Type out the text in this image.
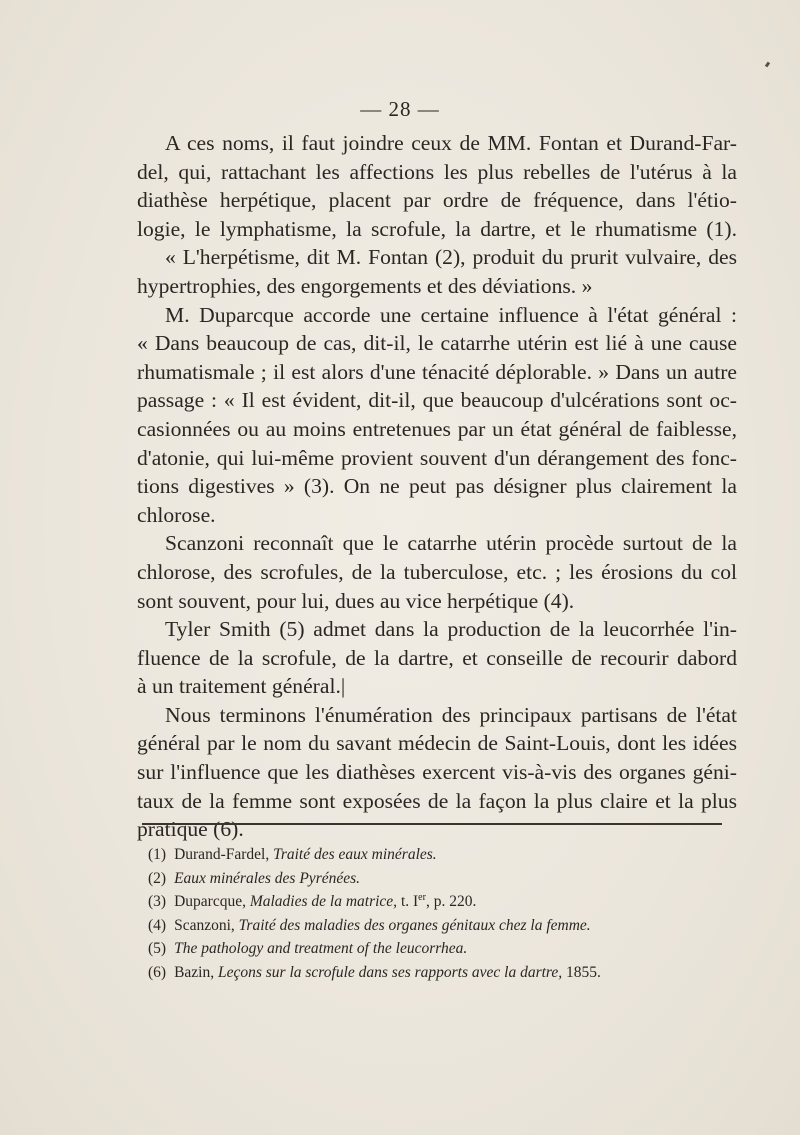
— 28 —
A ces noms, il faut joindre ceux de MM. Fontan et Durand-Far-
del, qui, rattachant les affections les plus rebelles de l'utérus à la
diathèse herpétique, placent par ordre de fréquence, dans l'étio-
logie, le lymphatisme, la scrofule, la dartre, et le rhumatisme (1).
« L'herpétisme, dit M. Fontan (2), produit du prurit vulvaire, des
hypertrophies, des engorgements et des déviations. »
M. Duparcque accorde une certaine influence à l'état général :
« Dans beaucoup de cas, dit-il, le catarrhe utérin est lié à une cause
rhumatismale ; il est alors d'une ténacité déplorable. » Dans un autre
passage : « Il est évident, dit-il, que beaucoup d'ulcérations sont oc-
casionnées ou au moins entretenues par un état général de faiblesse,
d'atonie, qui lui-même provient souvent d'un dérangement des fonc-
tions digestives » (3). On ne peut pas désigner plus clairement la
chlorose.
Scanzoni reconnaît que le catarrhe utérin procède surtout de la
chlorose, des scrofules, de la tuberculose, etc. ; les érosions du col
sont souvent, pour lui, dues au vice herpétique (4).
Tyler Smith (5) admet dans la production de la leucorrhée l'in-
fluence de la scrofule, de la dartre, et conseille de recourir dabord
à un traitement général.|
Nous terminons l'énumération des principaux partisans de l'état
général par le nom du savant médecin de Saint-Louis, dont les idées
sur l'influence que les diathèses exercent vis-à-vis des organes géni-
taux de la femme sont exposées de la façon la plus claire et la plus
pratique (6).
(1) Durand-Fardel, Traité des eaux minérales.
(2) Eaux minérales des Pyrénées.
(3) Duparcque, Maladies de la matrice, t. Ier, p. 220.
(4) Scanzoni, Traité des maladies des organes génitaux chez la femme.
(5) The pathology and treatment of the leucorrhea.
(6) Bazin, Leçons sur la scrofule dans ses rapports avec la dartre, 1855.
